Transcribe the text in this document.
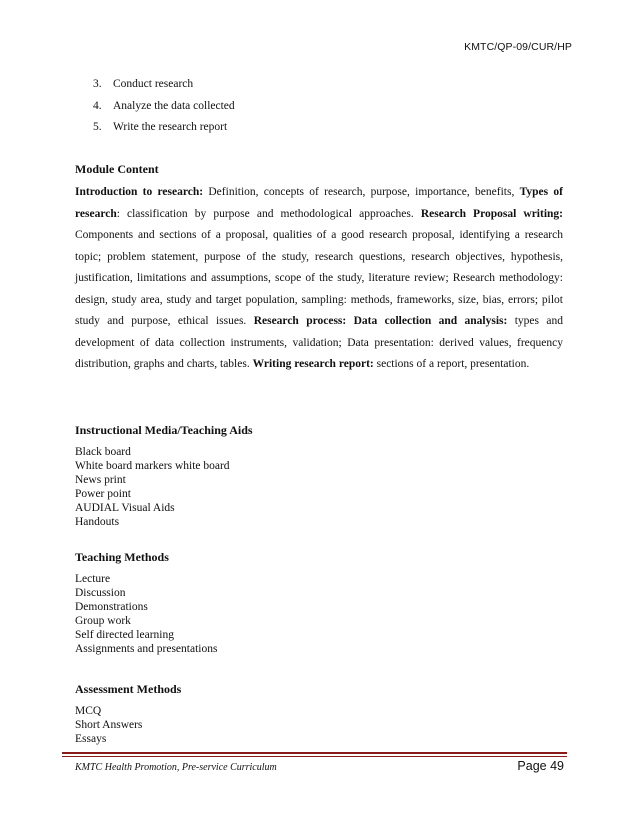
KMTC/QP-09/CUR/HP
3. Conduct research
4. Analyze the data collected
5. Write the research report
Module Content

Introduction to research: Definition, concepts of research, purpose, importance, benefits, Types of research: classification by purpose and methodological approaches. Research Proposal writing: Components and sections of a proposal, qualities of a good research proposal, identifying a research topic; problem statement, purpose of the study, research questions, research objectives, hypothesis, justification, limitations and assumptions, scope of the study, literature review; Research methodology: design, study area, study and target population, sampling: methods, frameworks, size, bias, errors; pilot study and purpose, ethical issues. Research process: Data collection and analysis: types and development of data collection instruments, validation; Data presentation: derived values, frequency distribution, graphs and charts, tables. Writing research report: sections of a report, presentation.

Instructional Media/Teaching Aids
Black board
White board markers white board
News print
Power point
AUDIAL Visual Aids
Handouts
Teaching Methods
Lecture
Discussion
Demonstrations
Group work
Self directed learning
Assignments and presentations
Assessment Methods
MCQ
Short Answers
Essays
KMTC Health Promotion, Pre-service Curriculum	Page 49
